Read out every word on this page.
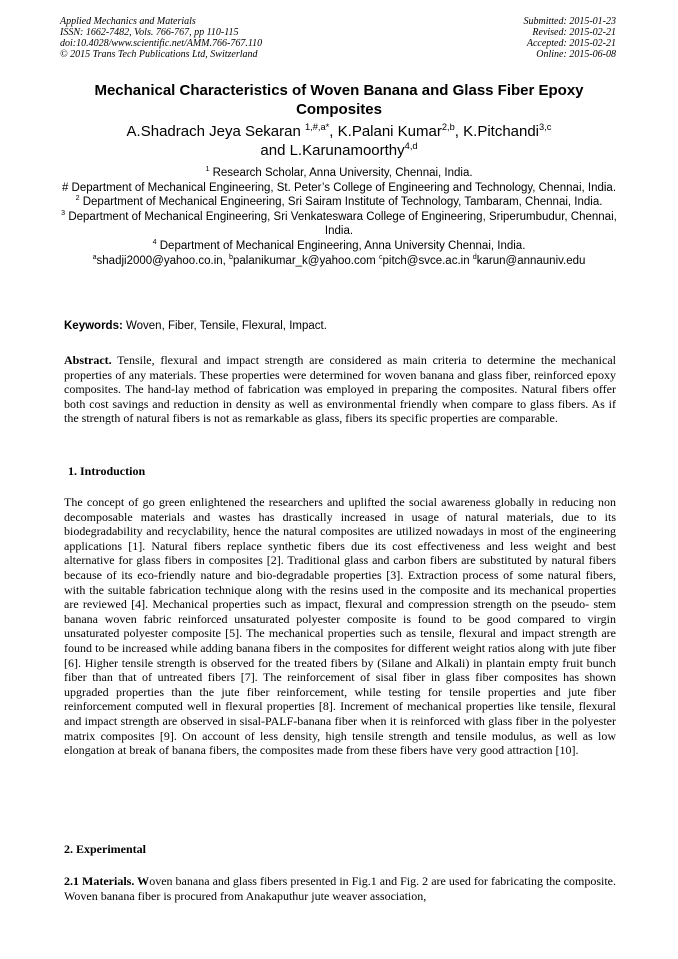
Applied Mechanics and Materials
ISSN: 1662-7482, Vols. 766-767, pp 110-115
doi:10.4028/www.scientific.net/AMM.766-767.110
© 2015 Trans Tech Publications Ltd, Switzerland
Submitted: 2015-01-23
Revised: 2015-02-21
Accepted: 2015-02-21
Online: 2015-06-08
Mechanical Characteristics of Woven Banana and Glass Fiber Epoxy Composites
A.Shadrach Jeya Sekaran $^{1,\#,a*}$, K.Palani Kumar$^{2,b}$, K.Pitchandi$^{3,c}$
and L.Karunamoorthy$^{4,d}$
$^1$ Research Scholar, Anna University, Chennai, India.
# Department of Mechanical Engineering, St. Peter’s College of Engineering and Technology, Chennai, India.
$^2$ Department of Mechanical Engineering, Sri Sairam Institute of Technology, Tambaram, Chennai, India.
$^3$ Department of Mechanical Engineering, Sri Venkateswara College of Engineering, Sriperumbudur, Chennai, India.
$^4$ Department of Mechanical Engineering, Anna University Chennai, India.
$^a$shadji2000@yahoo.co.in, $^b$palanikumar_k@yahoo.com $^c$pitch@svce.ac.in $^d$karun@annauniv.edu
Keywords: Woven, Fiber, Tensile, Flexural, Impact.
Abstract. Tensile, flexural and impact strength are considered as main criteria to determine the mechanical properties of any materials. These properties were determined for woven banana and glass fiber, reinforced epoxy composites. The hand-lay method of fabrication was employed in preparing the composites. Natural fibers offer both cost savings and reduction in density as well as environmental friendly when compare to glass fibers. As if the strength of natural fibers is not as remarkable as glass, fibers its specific properties are comparable.
1. Introduction
The concept of go green enlightened the researchers and uplifted the social awareness globally in reducing non decomposable materials and wastes has drastically increased in usage of natural materials, due to its biodegradability and recyclability, hence the natural composites are utilized nowadays in most of the engineering applications [1]. Natural fibers replace synthetic fibers due its cost effectiveness and less weight and best alternative for glass fibers in composites [2]. Traditional glass and carbon fibers are substituted by natural fibers because of its eco-friendly nature and bio-degradable properties [3]. Extraction process of some natural fibers, with the suitable fabrication technique along with the resins used in the composite and its mechanical properties are reviewed [4]. Mechanical properties such as impact, flexural and compression strength on the pseudo- stem banana woven fabric reinforced unsaturated polyester composite is found to be good compared to virgin unsaturated polyester composite [5]. The mechanical properties such as tensile, flexural and impact strength are found to be increased while adding banana fibers in the composites for different weight ratios along with jute fiber [6]. Higher tensile strength is observed for the treated fibers by (Silane and Alkali) in plantain empty fruit bunch fiber than that of untreated fibers [7]. The reinforcement of sisal fiber in glass fiber composites has shown upgraded properties than the jute fiber reinforcement, while testing for tensile properties and jute fiber reinforcement computed well in flexural properties [8]. Increment of mechanical properties like tensile, flexural and impact strength are observed in sisal-PALF-banana fiber when it is reinforced with glass fiber in the polyester matrix composites [9]. On account of less density, high tensile strength and tensile modulus, as well as low elongation at break of banana fibers, the composites made from these fibers have very good attraction [10].
2. Experimental
2.1 Materials. Woven banana and glass fibers presented in Fig.1 and Fig. 2 are used for fabricating the composite. Woven banana fiber is procured from Anakaputhur jute weaver association,
